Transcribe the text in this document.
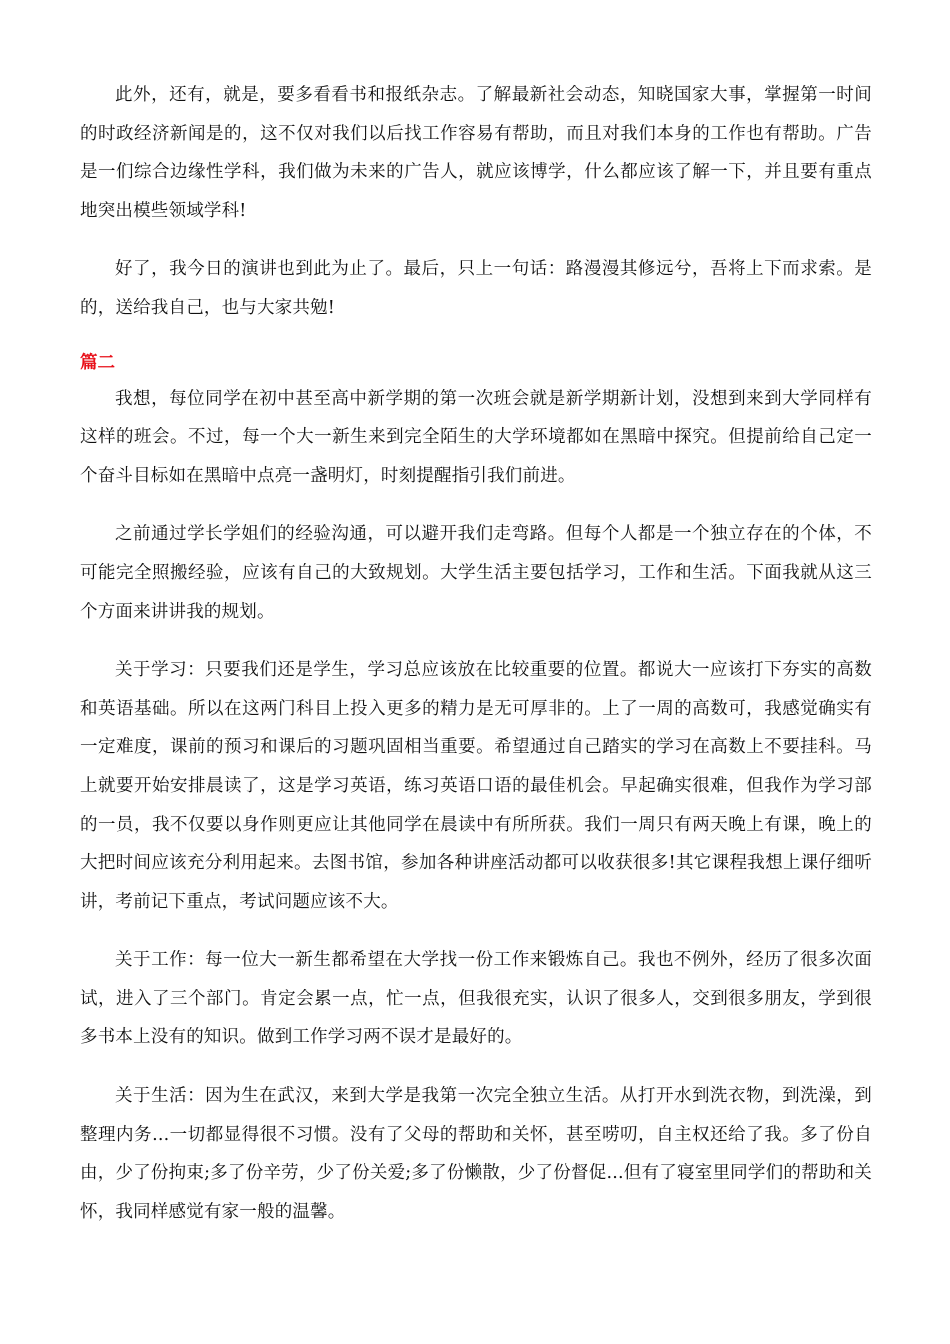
此外，还有，就是，要多看看书和报纸杂志。了解最新社会动态，知晓国家大事，掌握第一时间的时政经济新闻是的，这不仅对我们以后找工作容易有帮助，而且对我们本身的工作也有帮助。广告是一们综合边缘性学科，我们做为未来的广告人，就应该博学，什么都应该了解一下，并且要有重点地突出模些领域学科!

好了，我今日的演讲也到此为止了。最后，只上一句话：路漫漫其修远兮，吾将上下而求索。是的，送给我自己，也与大家共勉!

篇二

我想，每位同学在初中甚至高中新学期的第一次班会就是新学期新计划，没想到来到大学同样有这样的班会。不过，每一个大一新生来到完全陌生的大学环境都如在黑暗中探究。但提前给自己定一个奋斗目标如在黑暗中点亮一盏明灯，时刻提醒指引我们前进。

之前通过学长学姐们的经验沟通，可以避开我们走弯路。但每个人都是一个独立存在的个体，不可能完全照搬经验，应该有自己的大致规划。大学生活主要包括学习，工作和生活。下面我就从这三个方面来讲讲我的规划。

关于学习：只要我们还是学生，学习总应该放在比较重要的位置。都说大一应该打下夯实的高数和英语基础。所以在这两门科目上投入更多的精力是无可厚非的。上了一周的高数可，我感觉确实有一定难度，课前的预习和课后的习题巩固相当重要。希望通过自己踏实的学习在高数上不要挂科。马上就要开始安排晨读了，这是学习英语，练习英语口语的最佳机会。早起确实很难，但我作为学习部的一员，我不仅要以身作则更应让其他同学在晨读中有所所获。我们一周只有两天晚上有课，晚上的大把时间应该充分利用起来。去图书馆，参加各种讲座活动都可以收获很多!其它课程我想上课仔细听讲，考前记下重点，考试问题应该不大。

关于工作：每一位大一新生都希望在大学找一份工作来锻炼自己。我也不例外，经历了很多次面试，进入了三个部门。肯定会累一点，忙一点，但我很充实，认识了很多人，交到很多朋友，学到很多书本上没有的知识。做到工作学习两不误才是最好的。

关于生活：因为生在武汉，来到大学是我第一次完全独立生活。从打开水到洗衣物，到洗澡，到整理内务...一切都显得很不习惯。没有了父母的帮助和关怀，甚至唠叨，自主权还给了我。多了份自由，少了份拘束;多了份辛劳，少了份关爱;多了份懒散，少了份督促...但有了寝室里同学们的帮助和关怀，我同样感觉有家一般的温馨。
